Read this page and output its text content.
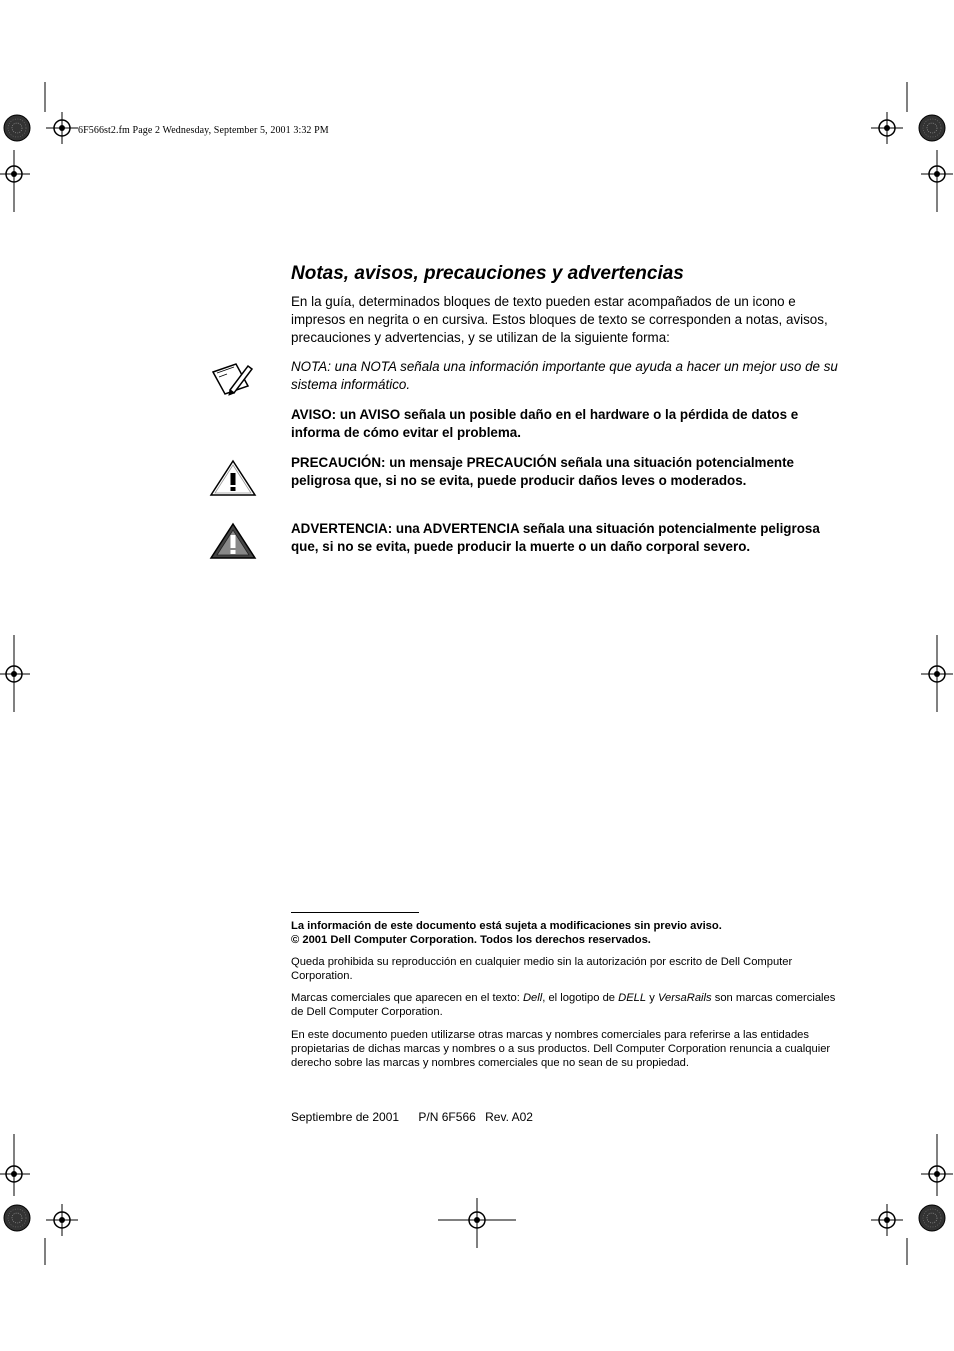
6F566st2.fm Page 2 Wednesday, September 5, 2001 3:32 PM
Notas, avisos, precauciones y advertencias

En la guía, determinados bloques de texto pueden estar acompañados de un icono e impresos en negrita o en cursiva. Estos bloques de texto se corresponden a notas, avisos, precauciones y advertencias, y se utilizan de la siguiente forma:

NOTA: una NOTA señala una información importante que ayuda a hacer un mejor uso de su sistema informático.

AVISO: un AVISO señala un posible daño en el hardware o la pérdida de datos e informa de cómo evitar el problema.

PRECAUCIÓN: un mensaje PRECAUCIÓN señala una situación potencialmente peligrosa que, si no se evita, puede producir daños leves o moderados.

ADVERTENCIA: una ADVERTENCIA señala una situación potencialmente peligrosa que, si no se evita, puede producir la muerte o un daño corporal severo.

La información de este documento está sujeta a modificaciones sin previo aviso.

© 2001 Dell Computer Corporation. Todos los derechos reservados.

Queda prohibida su reproducción en cualquier medio sin la autorización por escrito de Dell Computer Corporation.

Marcas comerciales que aparecen en el texto: Dell, el logotipo de DELL y VersaRails son marcas comerciales de Dell Computer Corporation.

En este documento pueden utilizarse otras marcas y nombres comerciales para referirse a las entidades propietarias de dichas marcas y nombres o a sus productos. Dell Computer Corporation renuncia a cualquier derecho sobre las marcas y nombres comerciales que no sean de su propiedad.

Septiembre de 2001 P/N 6F566 Rev. A02
